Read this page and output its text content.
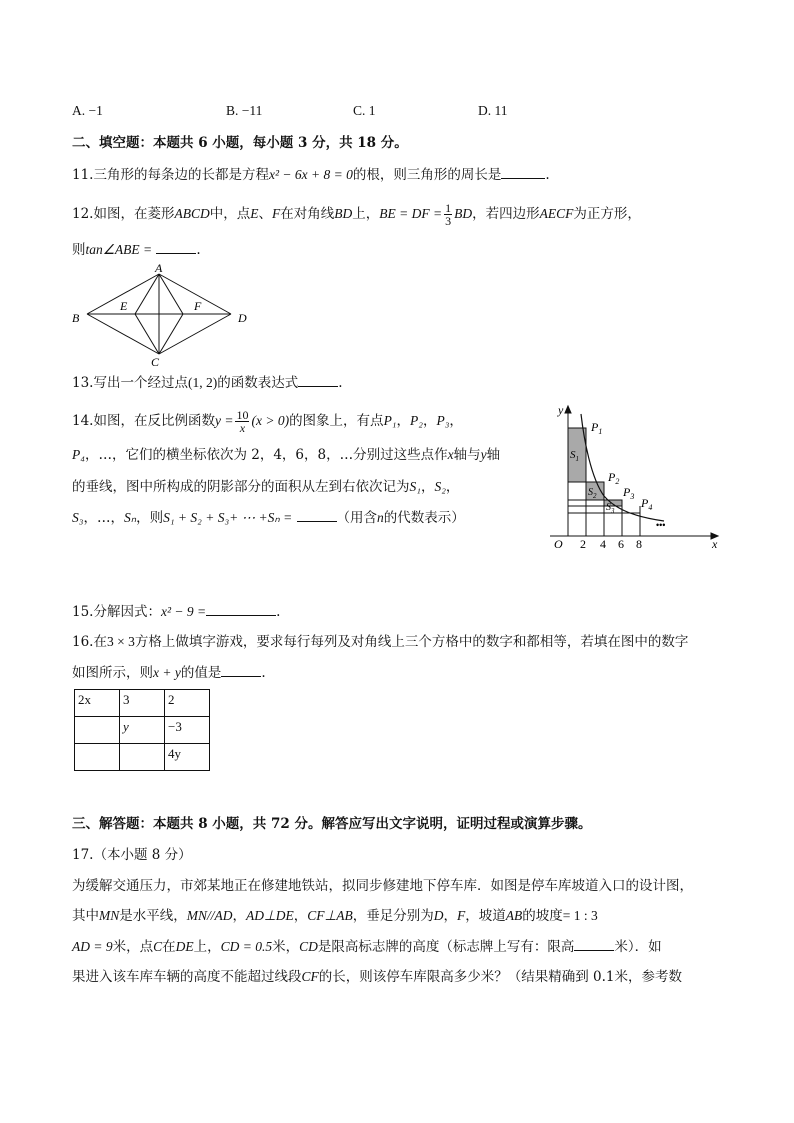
A. −1	B. −11	C. 1	D. 11
二、填空题：本题共 6 小题，每小题 3 分，共 18 分。
11.三角形的每条边的长都是方程x² − 6x + 8 = 0的根，则三角形的周长是	.
12.如图，在菱形ABCD中，点E、F在对角线BD上，BE = DF = $\frac{1}{3}$ BD，若四边形AECF为正方形，
则tan∠ABE =	.
A
B
C
D
E	F
13.写出一个经过点(1, 2)的函数表达式	.
14.如图，在反比例函数$y = \frac{10}{x} (x > 0)$的图象上，有点P₁，P₂，P₃，
P₄，…，它们的横坐标依次为 2，4，6，8，…分别过这些点作x轴与y轴
的垂线，图中所构成的阴影部分的面积从左到右依次记为S₁，S₂，
S₃，…，Sₙ，则S₁ + S₂ + S₃+ ⋯ +Sₙ =	（用含n的代数表示）
y
x
O 2 4 6 8
$P_1$
$P_2$
$P_3$ $P_4$
$S_1$
$S_2$
$S_3$
•••
15.分解因式：x² − 9 =	.
16.在3 × 3方格上做填字游戏，要求每行每列及对角线上三个方格中的数字和都相等，若填在图中的数字
如图所示，则x + y的值是	.
2x	3	2
	y	−3
		4y
三、解答题：本题共 8 小题，共 72 分。解答应写出文字说明，证明过程或演算步骤。
17.（本小题 8 分）
为缓解交通压力，市郊某地正在修建地铁站，拟同步修建地下停车库．如图是停车库坡道入口的设计图，
其中MN是水平线，MN//AD，AD⊥DE，CF⊥AB，垂足分别为D，F，坡道AB的坡度= 1 : 3
AD = 9米，点C在DE上，CD = 0.5米，CD是限高标志牌的高度（标志牌上写有：限高	米）．如
果进入该车库车辆的高度不能超过线段CF的长，则该停车库限高多少米？（结果精确到 0.1米，参考数
